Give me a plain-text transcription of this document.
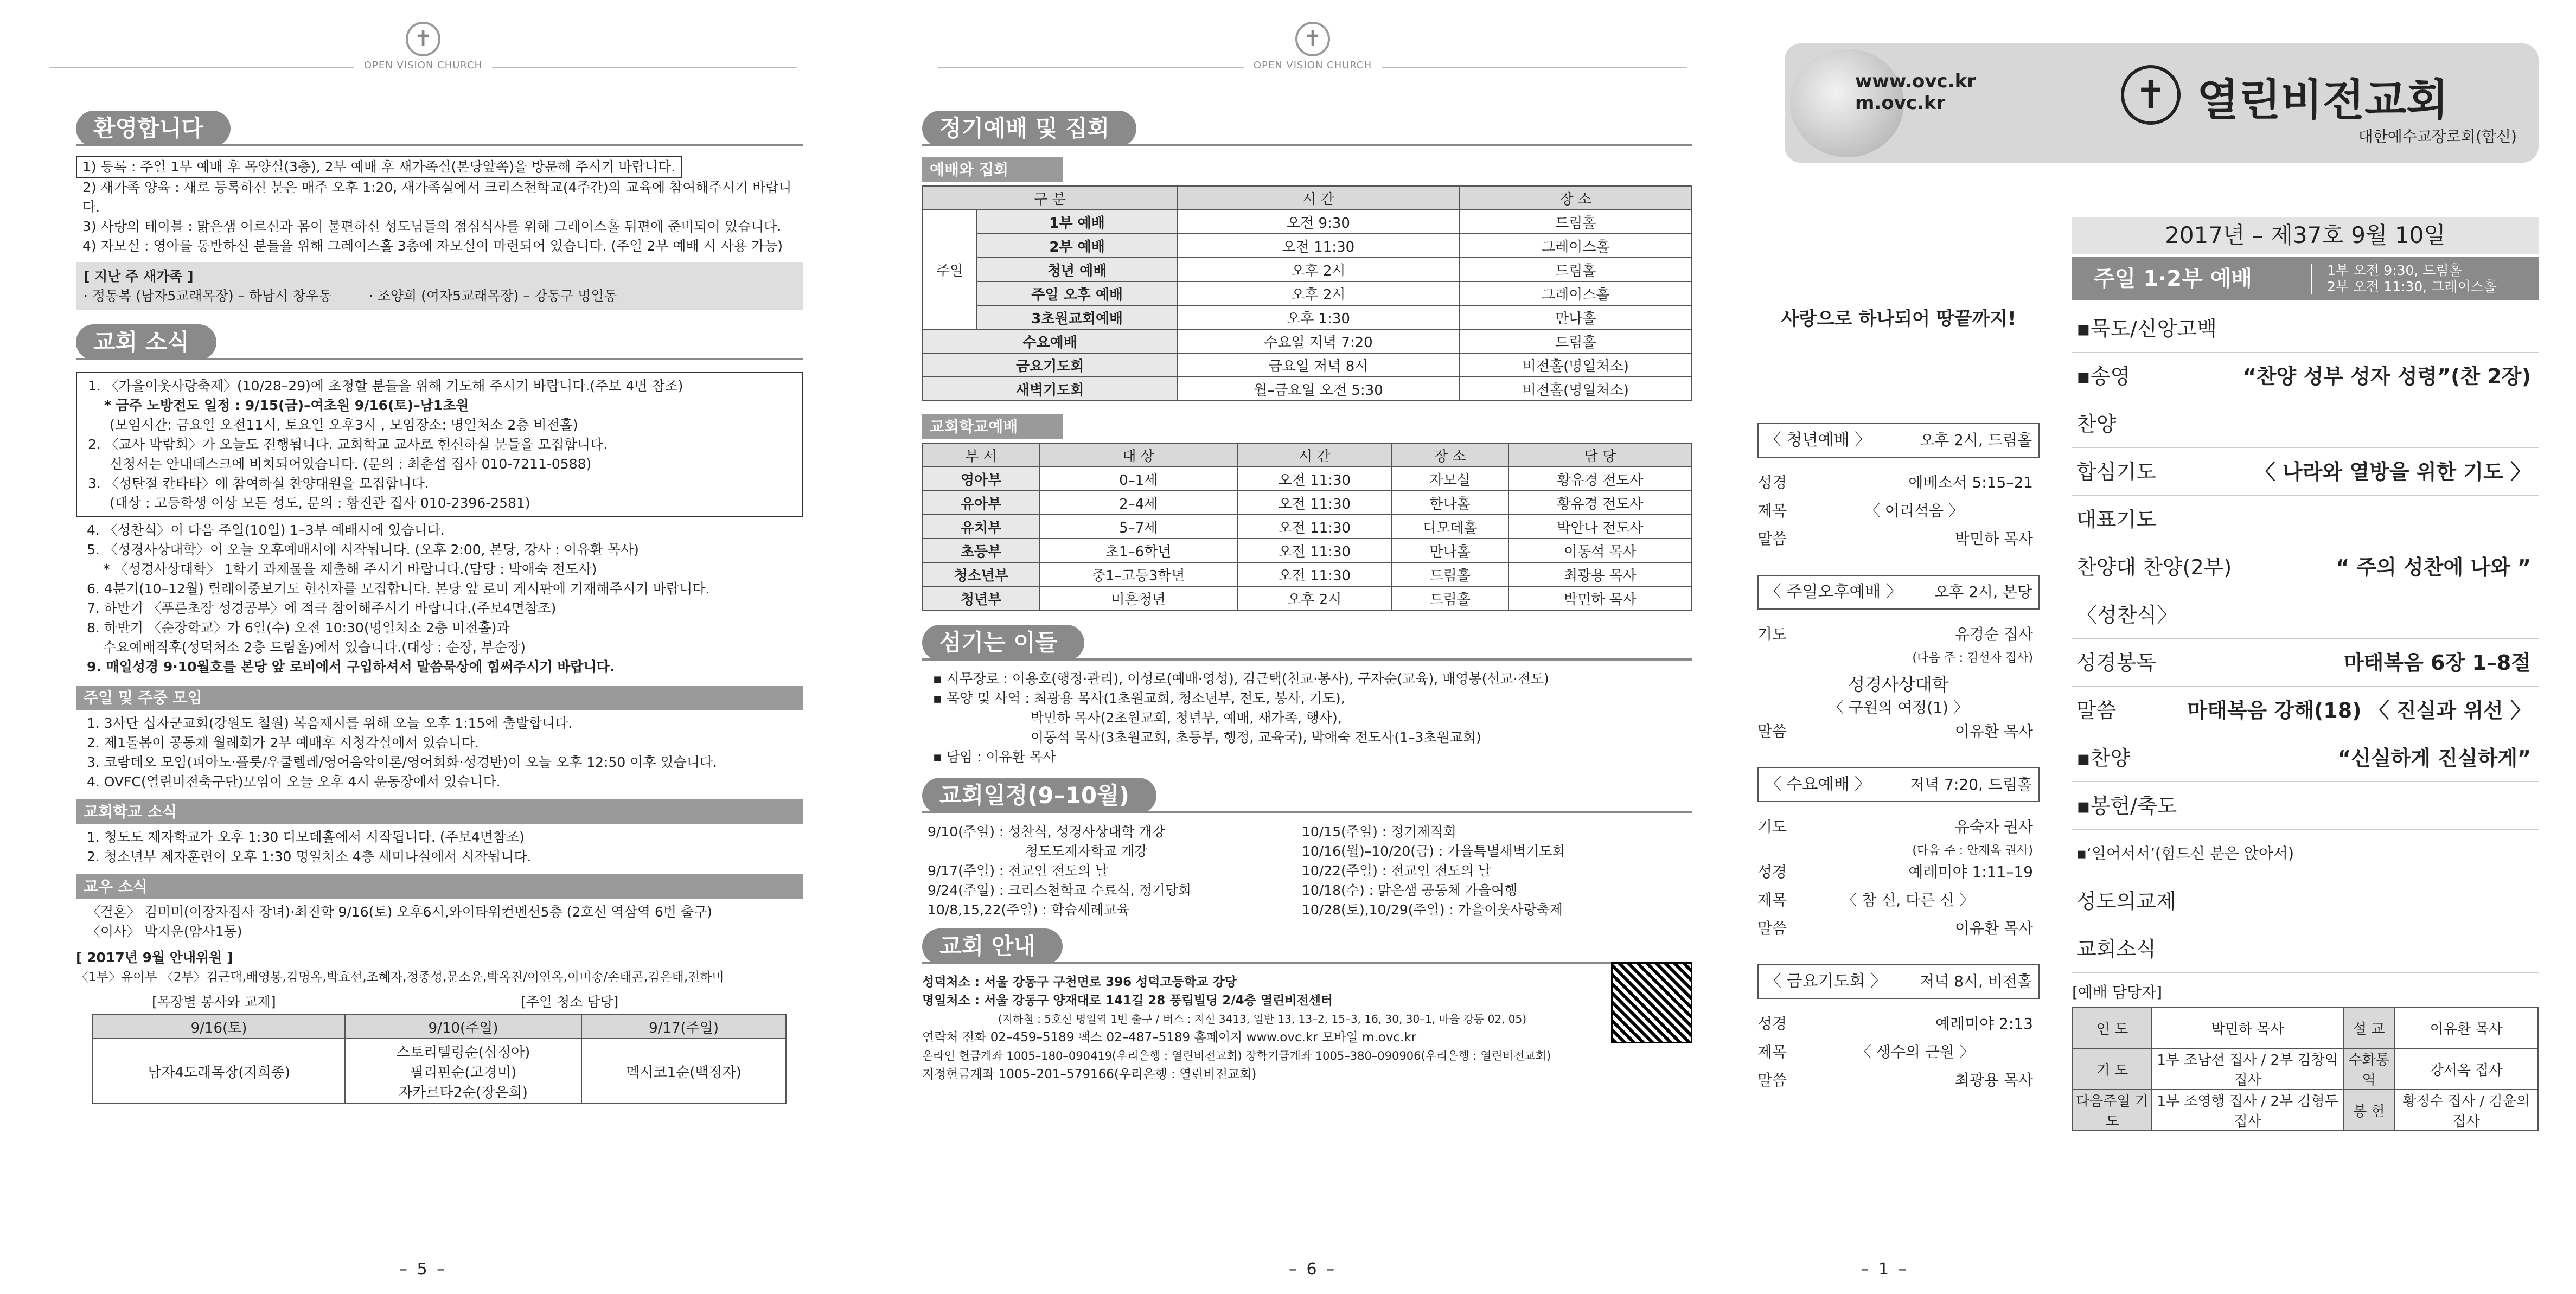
✝
OPEN VISION CHURCH
환영합니다
1) 등록 : 주일 1부 예배 후 목양실(3층), 2부 예배 후 새가족실(본당앞쪽)을 방문해 주시기 바랍니다.
2) 새가족 양육 : 새로 등록하신 분은 매주 오후 1:20, 새가족실에서 크리스천학교(4주간)의 교육에 참여해주시기 바랍니다.
3) 사랑의 테이블 : 맑은샘 어르신과 몸이 불편하신 성도님들의 점심식사를 위해 그레이스홀 뒤편에 준비되어 있습니다.
4) 자모실 : 영아를 동반하신 분들을 위해 그레이스홀 3층에 자모실이 마련되어 있습니다. (주일 2부 예배 시 사용 가능)
[ 지난 주 새가족 ]
· 정동복 (남자5교래목장) – 하남시 창우동	· 조양희 (여자5교래목장) – 강동구 명일동
교회 소식
1. 〈가을이웃사랑축제〉(10/28–29)에 초청할 분들을 위해 기도해 주시기 바랍니다.(주보 4면 참조)
* 금주 노방전도 일정 : 9/15(금)–여초원 9/16(토)–남1초원
(모임시간: 금요일 오전11시, 토요일 오후3시 , 모임장소: 명일처소 2층 비전홀)
2. 〈교사 박람회〉가 오늘도 진행됩니다. 교회학교 교사로 헌신하실 분들을 모집합니다.
신청서는 안내데스크에 비치되어있습니다. (문의 : 최춘섭 집사 010-7211-0588)
3. 〈성탄절 칸타타〉에 참여하실 찬양대원을 모집합니다.
(대상 : 고등학생 이상 모든 성도, 문의 : 황진관 집사 010-2396-2581)
4. 〈성찬식〉이 다음 주일(10일) 1–3부 예배시에 있습니다.
5. 〈성경사상대학〉이 오늘 오후예배시에 시작됩니다. (오후 2:00, 본당, 강사 : 이유환 목사)
* 〈성경사상대학〉 1학기 과제물을 제출해 주시기 바랍니다.(담당 : 박애숙 전도사)
6. 4분기(10–12월) 릴레이중보기도 헌신자를 모집합니다. 본당 앞 로비 게시판에 기재해주시기 바랍니다.
7. 하반기 〈푸른초장 성경공부〉에 적극 참여해주시기 바랍니다.(주보4면참조)
8. 하반기 〈순장학교〉가 6일(수) 오전 10:30(명일처소 2층 비전홀)과
수요예배직후(성덕처소 2층 드림홀)에서 있습니다.(대상 : 순장, 부순장)
9. 매일성경 9·10월호를 본당 앞 로비에서 구입하셔서 말씀묵상에 힘써주시기 바랍니다.
주일 및 주중 모임
1. 3사단 십자군교회(강원도 철원) 복음제시를 위해 오늘 오후 1:15에 출발합니다.
2. 제1돌봄이 공동체 월례회가 2부 예배후 시청각실에서 있습니다.
3. 코람데오 모임(피아노·플룻/우쿨렐레/영어음악이론/영어회화·성경반)이 오늘 오후 12:50 이후 있습니다.
4. OVFC(열린비전축구단)모임이 오늘 오후 4시 운동장에서 있습니다.
교회학교 소식
1. 청도도 제자학교가 오후 1:30 디모데홀에서 시작됩니다. (주보4면참조)
2. 청소년부 제자훈련이 오후 1:30 명일처소 4층 세미나실에서 시작됩니다.
교우 소식
〈결혼〉 김미미(이장자집사 장녀)·최진학 9/16(토) 오후6시,와이타워컨벤션5층 (2호선 역삼역 6번 출구)
〈이사〉 박지운(암사1동)
[ 2017년 9월 안내위원 ]
〈1부〉유이부 〈2부〉김근택,배영봉,김명옥,박효선,조혜자,정종성,문소윤,박옥진/이연옥,이미송/손태곤,김은태,전하미
[목장별 봉사와 교제]	[주일 청소 담당]
9/16(토)	9/10(주일)	9/17(주일)
남자4도래목장(지희종)	스토리텔링순(심정아)
필리핀순(고경미)
자카르타2순(장은희)	멕시코1순(백정자)
– 5 –
✝
OPEN VISION CHURCH
정기예배 및 집회
예배와 집회
구 분		시 간	장 소
주일	1부 예배	오전 9:30	드림홀
	2부 예배	오전 11:30	그레이스홀
	청년 예배	오후 2시	드림홀
	주일 오후 예배	오후 2시	그레이스홀
	3초원교회예배	오후 1:30	만나홀
수요예배		수요일 저녁 7:20	드림홀
금요기도회		금요일 저녁 8시	비전홀(명일처소)
새벽기도회		월–금요일 오전 5:30	비전홀(명일처소)
교회학교예배
부 서	대 상	시 간	장 소	담 당
영아부	0–1세	오전 11:30	자모실	황유경 전도사
유아부	2–4세	오전 11:30	한나홀	황유경 전도사
유치부	5–7세	오전 11:30	디모데홀	박안나 전도사
초등부	초1–6학년	오전 11:30	만나홀	이동석 목사
청소년부	중1–고등3학년	오전 11:30	드림홀	최광용 목사
청년부	미혼청년	오후 2시	드림홀	박민하 목사
섬기는 이들
▪ 시무장로 : 이용호(행정·관리), 이성로(예배·영성), 김근택(친교·봉사), 구자순(교육), 배영봉(선교·전도)
▪ 목양 및 사역 : 최광용 목사(1초원교회, 청소년부, 전도, 봉사, 기도),
박민하 목사(2초원교회, 청년부, 예배, 새가족, 행사),
이동석 목사(3초원교회, 초등부, 행정, 교육국), 박애숙 전도사(1–3초원교회)
▪ 담임 : 이유환 목사
교회일정(9–10월)
9/10(주일) : 성찬식, 성경사상대학 개강
청도도제자학교 개강
9/17(주일) : 전교인 전도의 날
9/24(주일) : 크리스천학교 수료식, 정기당회
10/8,15,22(주일) : 학습세례교육
10/15(주일) : 정기제직회
10/16(월)–10/20(금) : 가을특별새벽기도회
10/22(주일) : 전교인 전도의 날
10/18(수) : 맑은샘 공동체 가을여행
10/28(토),10/29(주일) : 가을이웃사랑축제
교회 안내
성덕처소 : 서울 강동구 구천면로 396 성덕고등학교 강당
명일처소 : 서울 강동구 양재대로 141길 28 풍림빌딩 2/4층 열린비전센터
(지하철 : 5호선 명일역 1번 출구 / 버스 : 지선 3413, 일반 13, 13–2, 15–3, 16, 30, 30–1, 마을 강동 02, 05)
연락처 전화 02–459–5189 팩스 02–487–5189 홈페이지 www.ovc.kr 모바일 m.ovc.kr
온라인 헌금계좌 1005–180–090419(우리은행 : 열린비전교회) 장학기금계좌 1005–380–090906(우리은행 : 열린비전교회)
지정헌금계좌 1005–201–579166(우리은행 : 열린비전교회)
– 6 –
www.ovc.kr
m.ovc.kr	✝ 열린비전교회
대한예수교장로회(합신)
사랑으로 하나되어 땅끝까지!
〈 청년예배 〉	오후 2시, 드림홀
성경	에베소서 5:15–21
제목	〈 어리석음 〉
말씀	박민하 목사
〈 주일오후예배 〉 오후 2시, 본당
기도	유경순 집사
(다음 주 : 김선자 집사)
성경사상대학
〈 구원의 여정(1) 〉
말씀	이유환 목사
〈 수요예배 〉	저녁 7:20, 드림홀
기도	유숙자 권사
(다음 주 : 안재옥 권사)
성경	예레미야 1:11–19
제목	〈 참 신, 다른 신 〉
말씀	이유환 목사
〈 금요기도회 〉 저녁 8시, 비전홀
성경	예레미야 2:13
제목	〈 생수의 근원 〉
말씀	최광용 목사
2017년 – 제37호 9월 10일
주일 1·2부 예배	1부 오전 9:30, 드림홀
2부 오전 11:30, 그레이스홀
▪묵도/신앙고백
▪송영	“찬양 성부 성자 성령”(찬 2장)
찬양
합심기도	〈 나라와 열방을 위한 기도 〉
대표기도
찬양대 찬양(2부)	“ 주의 성찬에 나와 ”
〈성찬식〉
성경봉독	마태복음 6장 1–8절
말씀	마태복음 강해(18) 〈 진실과 위선 〉
▪찬양	“신실하게 진실하게”
▪봉헌/축도
▪‘일어서서’(힘드신 분은 앉아서)
성도의교제
교회소식
[예배 담당자]
인 도	박민하 목사	설 교	이유환 목사
기 도	1부 조남선 집사 / 2부 김창익 집사	수화통역	강서옥 집사
다음주일 기도	1부 조영행 집사 / 2부 김형두 집사	봉 헌	황정수 집사 / 김윤의 집사
– 1 –
